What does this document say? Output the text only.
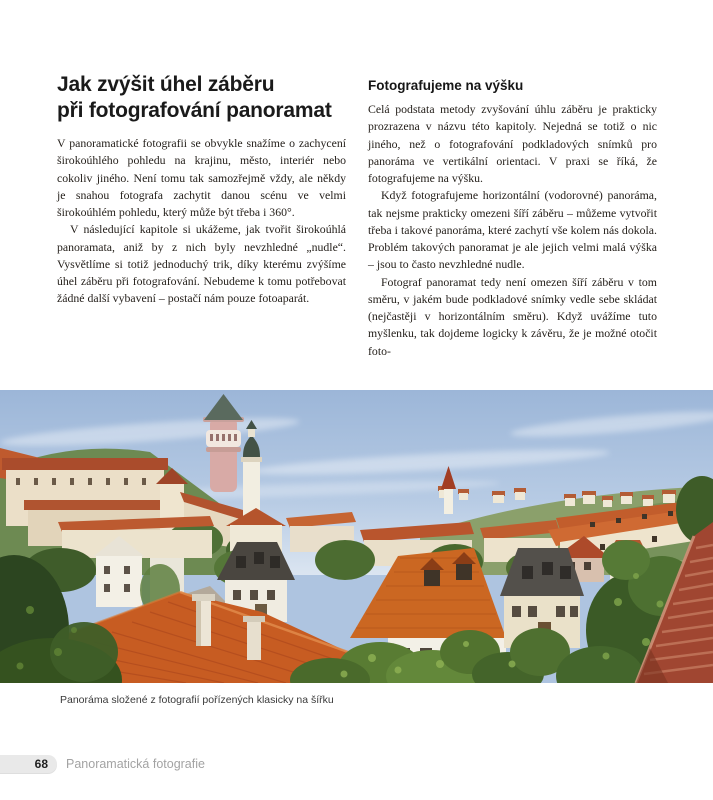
Jak zvýšit úhel záběru
při fotografování panoramat

V panoramatické fotografii se obvykle snažíme o zachycení širokoúhlého pohledu na krajinu, město, interiér nebo cokoliv jiného. Není tomu tak samozřejmě vždy, ale někdy je snahou fotografa zachytit danou scénu ve velmi širokoúhlém pohledu, který může být třeba i 360°.

V následující kapitole si ukážeme, jak tvořit širokoúhlá panoramata, aniž by z nich byly nevzhledné „nudle“. Vysvětlíme si totiž jednoduchý trik, díky kterému zvýšíme úhel záběru při fotografování. Nebudeme k tomu potřebovat žádné další vybavení – postačí nám pouze fotoaparát.

Fotografujeme na výšku

Celá podstata metody zvyšování úhlu záběru je prakticky prozrazena v názvu této kapitoly. Nejedná se totiž o nic jiného, než o fotografování podkladových snímků pro panoráma ve vertikální orientaci. V praxi se říká, že fotografujeme na výšku.

Když fotografujeme horizontální (vodorovné) panoráma, tak nejsme prakticky omezeni šíří záběru – můžeme vytvořit třeba i takové panoráma, které zachytí vše kolem nás dokola. Problém takových panoramat je ale jejich velmi malá výška – jsou to často nevzhledné nudle.

Fotograf panoramat tedy není omezen šíří záběru v tom směru, v jakém bude podkladové snímky vedle sebe skládat (nejčastěji v horizontálním směru). Když uvážíme tuto myšlenku, tak dojdeme logicky k závěru, že je možné otočit foto-

Panoráma složené z fotografií pořízených klasicky na šířku
68	Panoramatická fotografie
